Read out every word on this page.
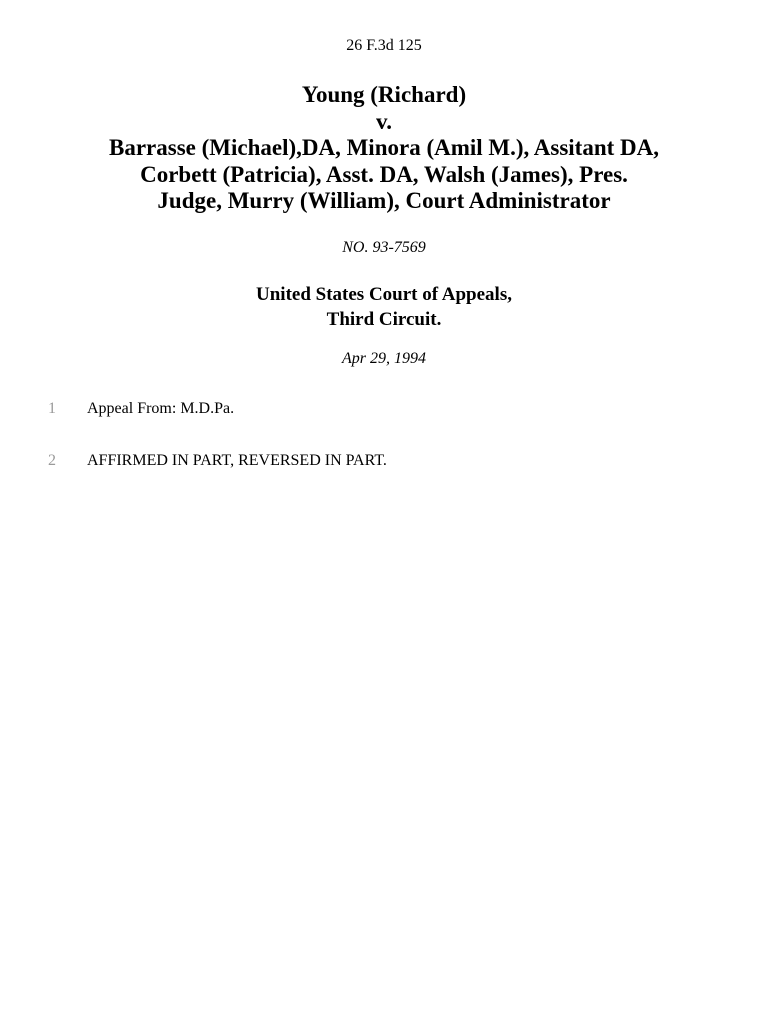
26 F.3d 125
Young (Richard)
v.
Barrasse (Michael),DA, Minora (Amil M.), Assitant DA,
Corbett (Patricia), Asst. DA, Walsh (James), Pres.
Judge, Murry (William), Court Administrator
NO. 93-7569
United States Court of Appeals,
Third Circuit.
Apr 29, 1994
1 Appeal From: M.D.Pa.
2 AFFIRMED IN PART, REVERSED IN PART.
